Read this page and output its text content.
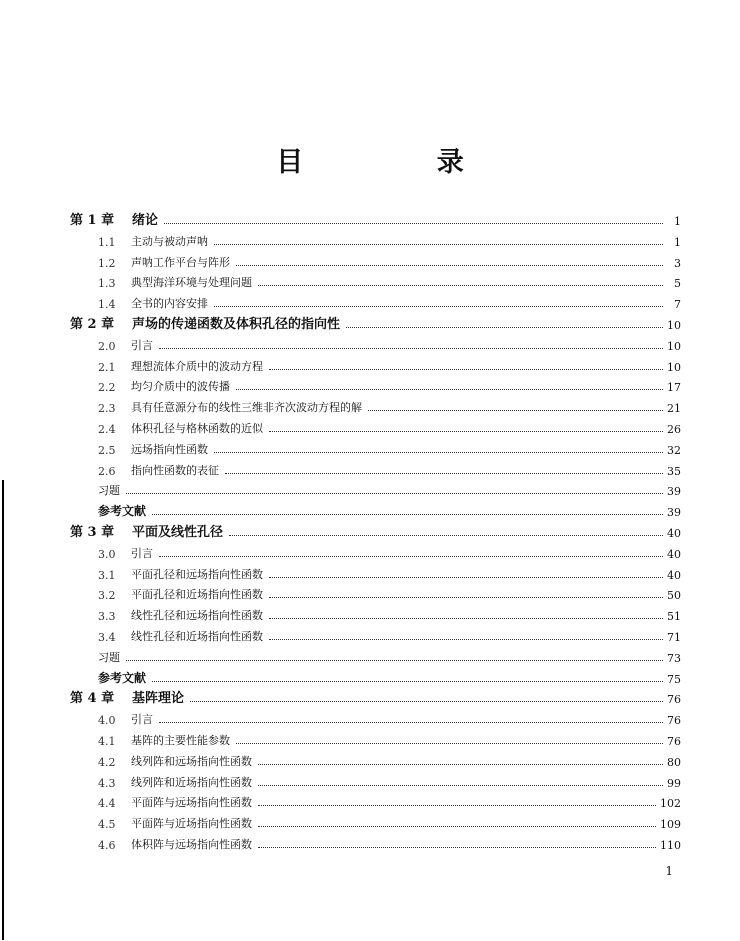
目 录
第 1 章	绪论	1
1.1	主动与被动声呐	1
1.2	声呐工作平台与阵形	3
1.3	典型海洋环境与处理问题	5
1.4	全书的内容安排	7
第 2 章	声场的传递函数及体积孔径的指向性	10
2.0	引言	10
2.1	理想流体介质中的波动方程	10
2.2	均匀介质中的波传播	17
2.3	具有任意源分布的线性三维非齐次波动方程的解	21
2.4	体积孔径与格林函数的近似	26
2.5	远场指向性函数	32
2.6	指向性函数的表征	35
习题	39
参考文献	39
第 3 章	平面及线性孔径	40
3.0	引言	40
3.1	平面孔径和远场指向性函数	40
3.2	平面孔径和近场指向性函数	50
3.3	线性孔径和远场指向性函数	51
3.4	线性孔径和近场指向性函数	71
习题	73
参考文献	75
第 4 章	基阵理论	76
4.0	引言	76
4.1	基阵的主要性能参数	76
4.2	线列阵和远场指向性函数	80
4.3	线列阵和近场指向性函数	99
4.4	平面阵与远场指向性函数	102
4.5	平面阵与近场指向性函数	109
4.6	体积阵与远场指向性函数	110
1
